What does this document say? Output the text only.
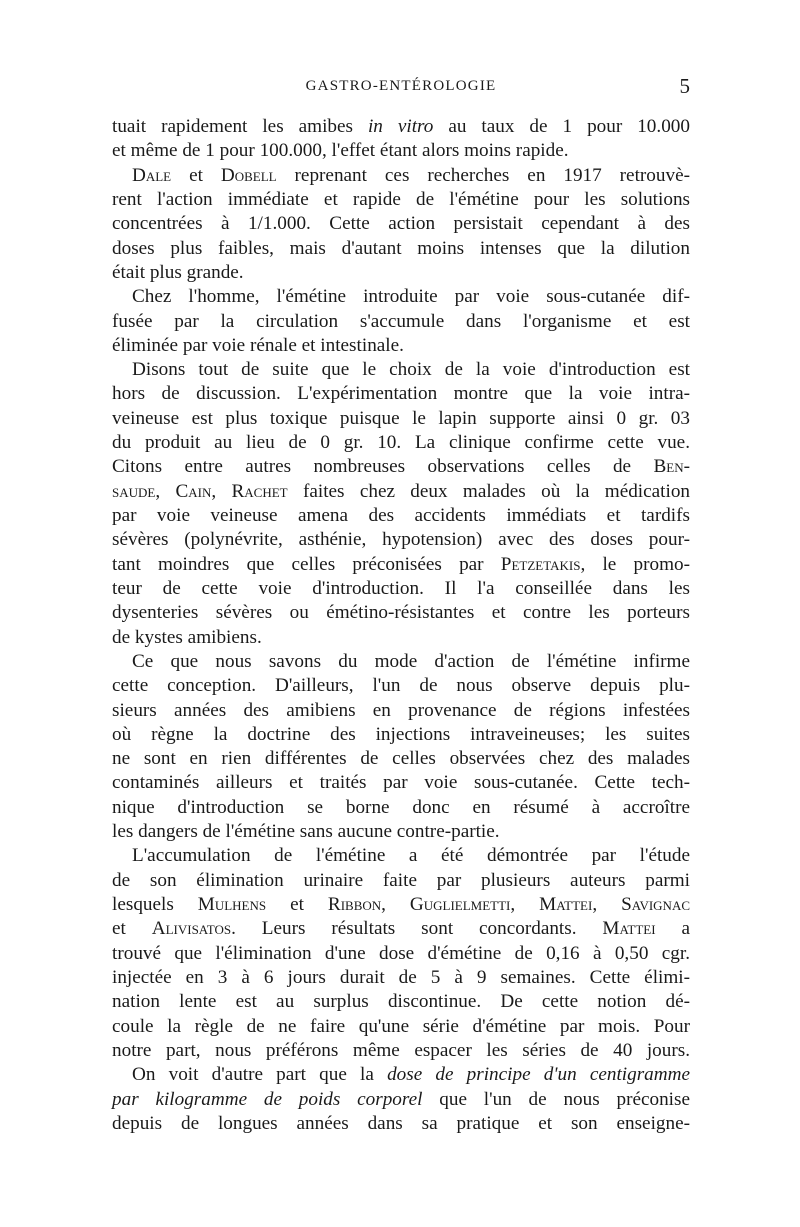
GASTRO-ENTÉROLOGIE	5
tuait rapidement les amibes in vitro au taux de 1 pour 10.000
et même de 1 pour 100.000, l'effet étant alors moins rapide.
Dale et Dobell reprenant ces recherches en 1917 retrouvè-
rent l'action immédiate et rapide de l'émétine pour les solutions
concentrées à 1/1.000. Cette action persistait cependant à des
doses plus faibles, mais d'autant moins intenses que la dilution
était plus grande.
Chez l'homme, l'émétine introduite par voie sous-cutanée dif-
fusée par la circulation s'accumule dans l'organisme et est
éliminée par voie rénale et intestinale.
Disons tout de suite que le choix de la voie d'introduction est
hors de discussion. L'expérimentation montre que la voie intra-
veineuse est plus toxique puisque le lapin supporte ainsi 0 gr. 03
du produit au lieu de 0 gr. 10. La clinique confirme cette vue.
Citons entre autres nombreuses observations celles de Ben-
saude, Cain, Rachet faites chez deux malades où la médication
par voie veineuse amena des accidents immédiats et tardifs
sévères (polynévrite, asthénie, hypotension) avec des doses pour-
tant moindres que celles préconisées par Petzetakis, le promo-
teur de cette voie d'introduction. Il l'a conseillée dans les
dysenteries sévères ou émétino-résistantes et contre les porteurs
de kystes amibiens.
Ce que nous savons du mode d'action de l'émétine infirme
cette conception. D'ailleurs, l'un de nous observe depuis plu-
sieurs années des amibiens en provenance de régions infestées
où règne la doctrine des injections intraveineuses; les suites
ne sont en rien différentes de celles observées chez des malades
contaminés ailleurs et traités par voie sous-cutanée. Cette tech-
nique d'introduction se borne donc en résumé à accroître
les dangers de l'émétine sans aucune contre-partie.
L'accumulation de l'émétine a été démontrée par l'étude
de son élimination urinaire faite par plusieurs auteurs parmi
lesquels Mulhens et Ribbon, Guglielmetti, Mattei, Savignac
et Alivisatos. Leurs résultats sont concordants. Mattei a
trouvé que l'élimination d'une dose d'émétine de 0,16 à 0,50 cgr.
injectée en 3 à 6 jours durait de 5 à 9 semaines. Cette élimi-
nation lente est au surplus discontinue. De cette notion dé-
coule la règle de ne faire qu'une série d'émétine par mois. Pour
notre part, nous préférons même espacer les séries de 40 jours.
On voit d'autre part que la dose de principe d'un centigramme
par kilogramme de poids corporel que l'un de nous préconise
depuis de longues années dans sa pratique et son enseigne-
